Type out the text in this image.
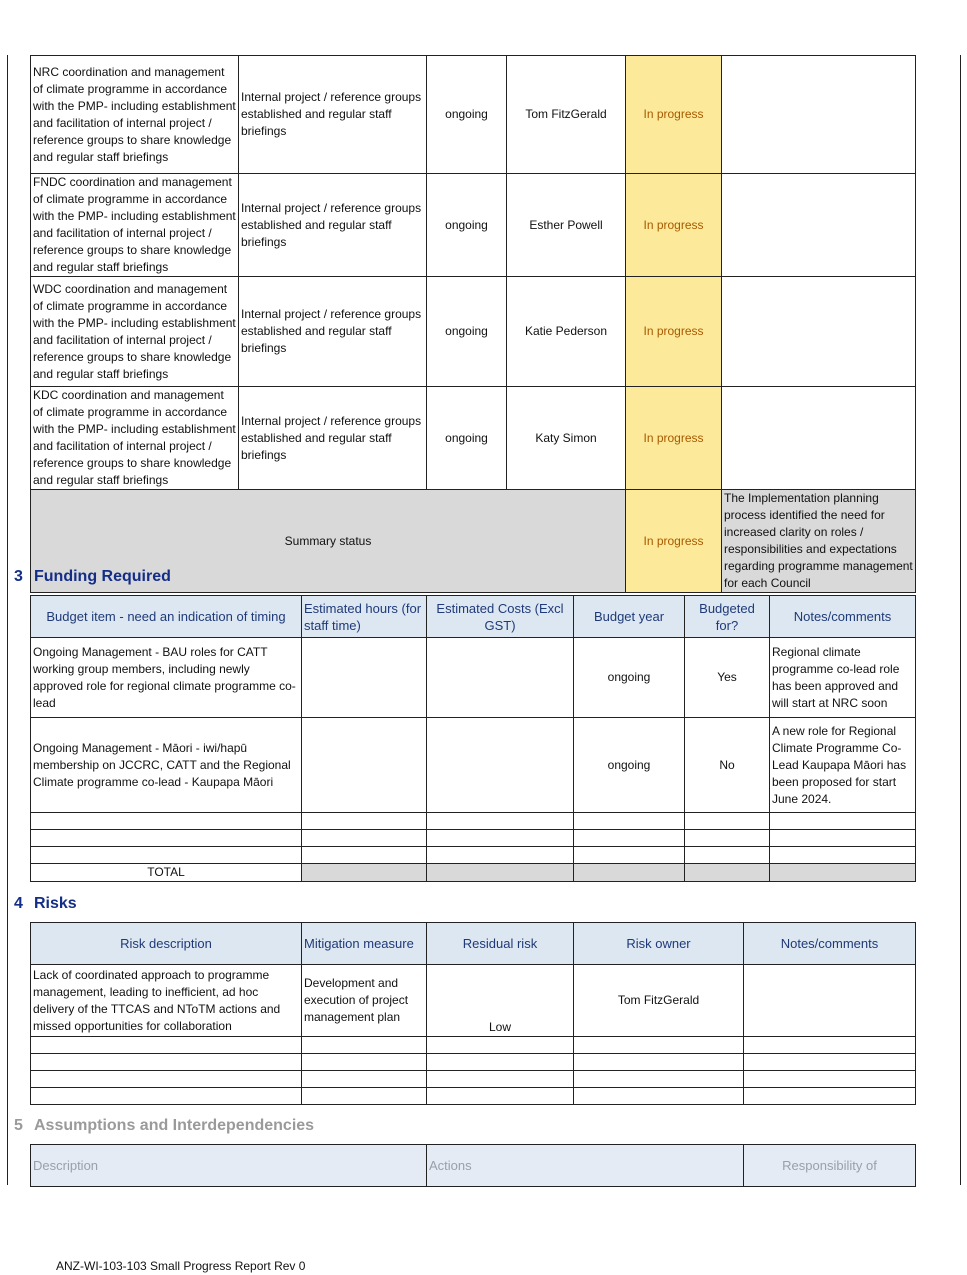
NRC coordination and management of climate programme in accordance with the PMP- including establishment and facilitation of internal project / reference groups to share knowledge and regular staff briefings	Internal project / reference groups established and regular staff briefings	ongoing	Tom FitzGerald	In progress	
FNDC coordination and management of climate programme in accordance with the PMP- including establishment and facilitation of internal project / reference groups to share knowledge and regular staff briefings	Internal project / reference groups established and regular staff briefings	ongoing	Esther Powell	In progress	
WDC coordination and management of climate programme in accordance with the PMP- including establishment and facilitation of internal project / reference groups to share knowledge and regular staff briefings	Internal project / reference groups established and regular staff briefings	ongoing	Katie Pederson	In progress	
KDC coordination and management of climate programme in accordance with the PMP- including establishment and facilitation of internal project / reference groups to share knowledge and regular staff briefings	Internal project / reference groups established and regular staff briefings	ongoing	Katy Simon	In progress	
Summary status				In progress	The Implementation planning process identified the need for increased clarity on roles / responsibilities and expectations regarding programme management for each Council
3 Funding Required
Budget item - need an indication of timing	Estimated hours (for staff time)	Estimated Costs (Excl GST)	Budget year	Budgeted for?	Notes/comments
Ongoing Management - BAU roles for CATT working group members, including newly approved role for regional climate programme co-lead			ongoing	Yes	Regional climate programme co-lead role has been approved and will start at NRC soon
Ongoing Management - Māori - iwi/hapū membership on JCCRC, CATT and the Regional Climate programme co-lead - Kaupapa Māori			ongoing	No	A new role for Regional Climate Programme Co-Lead Kaupapa Māori has been proposed for start June 2024.

TOTAL					
4 Risks
Risk description	Mitigation measure	Residual risk	Risk owner	Notes/comments
Lack of coordinated approach to programme management, leading to inefficient, ad hoc delivery of the TTCAS and NToTM actions and missed opportunities for collaboration	Development and execution of project management plan	Low	Tom FitzGerald	

5 Assumptions and Interdependencies
Description	Actions	Responsibility of
ANZ-WI-103-103 Small Progress Report Rev 0
